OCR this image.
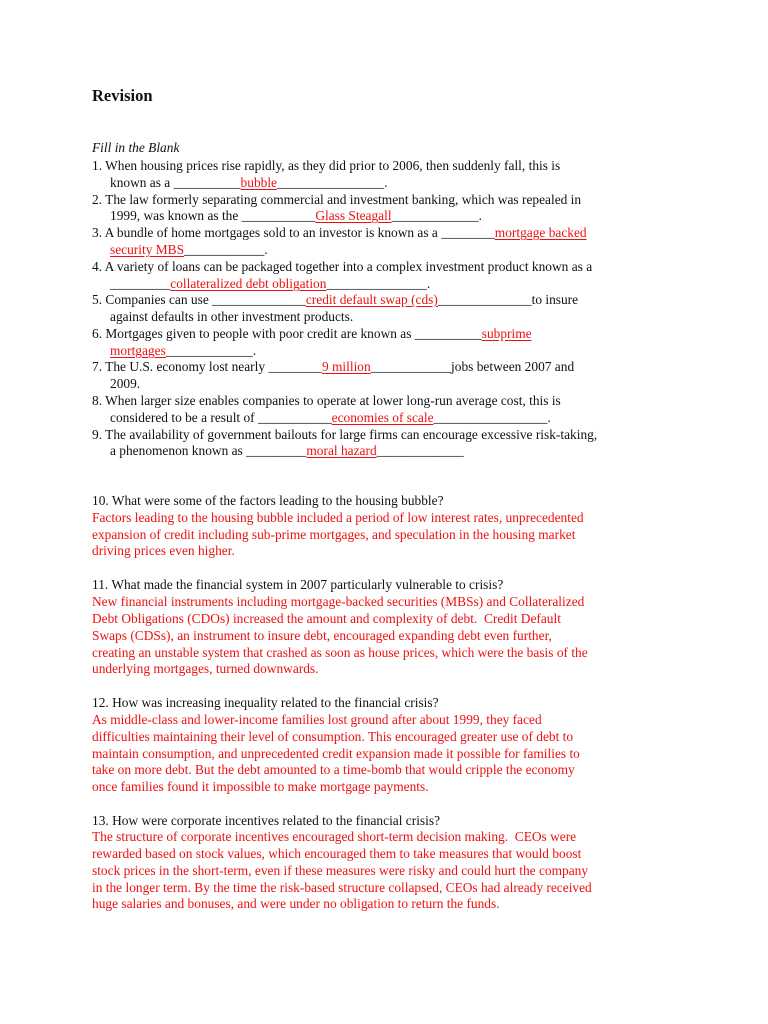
Revision
Fill in the Blank
1. When housing prices rise rapidly, as they did prior to 2006, then suddenly fall, this is
known as a __________bubble________________.
2. The law formerly separating commercial and investment banking, which was repealed in
1999, was known as the ___________Glass Steagall_____________.
3. A bundle of home mortgages sold to an investor is known as a ________mortgage backed
security MBS____________.
4. A variety of loans can be packaged together into a complex investment product known as a
_________collateralized debt obligation_______________.
5. Companies can use ______________credit default swap (cds)______________to insure
against defaults in other investment products.
6. Mortgages given to people with poor credit are known as __________subprime
mortgages_____________.
7. The U.S. economy lost nearly ________9 million____________jobs between 2007 and
2009.
8. When larger size enables companies to operate at lower long-run average cost, this is
considered to be a result of ___________economies of scale_________________.
9. The availability of government bailouts for large firms can encourage excessive risk-taking,
a phenomenon known as _________moral hazard_____________
10. What were some of the factors leading to the housing bubble?
Factors leading to the housing bubble included a period of low interest rates, unprecedented
expansion of credit including sub-prime mortgages, and speculation in the housing market
driving prices even higher.
11. What made the financial system in 2007 particularly vulnerable to crisis?
New financial instruments including mortgage-backed securities (MBSs) and Collateralized
Debt Obligations (CDOs) increased the amount and complexity of debt.  Credit Default
Swaps (CDSs), an instrument to insure debt, encouraged expanding debt even further,
creating an unstable system that crashed as soon as house prices, which were the basis of the
underlying mortgages, turned downwards.
12. How was increasing inequality related to the financial crisis?
As middle-class and lower-income families lost ground after about 1999, they faced
difficulties maintaining their level of consumption. This encouraged greater use of debt to
maintain consumption, and unprecedented credit expansion made it possible for families to
take on more debt. But the debt amounted to a time-bomb that would cripple the economy
once families found it impossible to make mortgage payments.
13. How were corporate incentives related to the financial crisis?
The structure of corporate incentives encouraged short-term decision making.  CEOs were
rewarded based on stock values, which encouraged them to take measures that would boost
stock prices in the short-term, even if these measures were risky and could hurt the company
in the longer term. By the time the risk-based structure collapsed, CEOs had already received
huge salaries and bonuses, and were under no obligation to return the funds.
